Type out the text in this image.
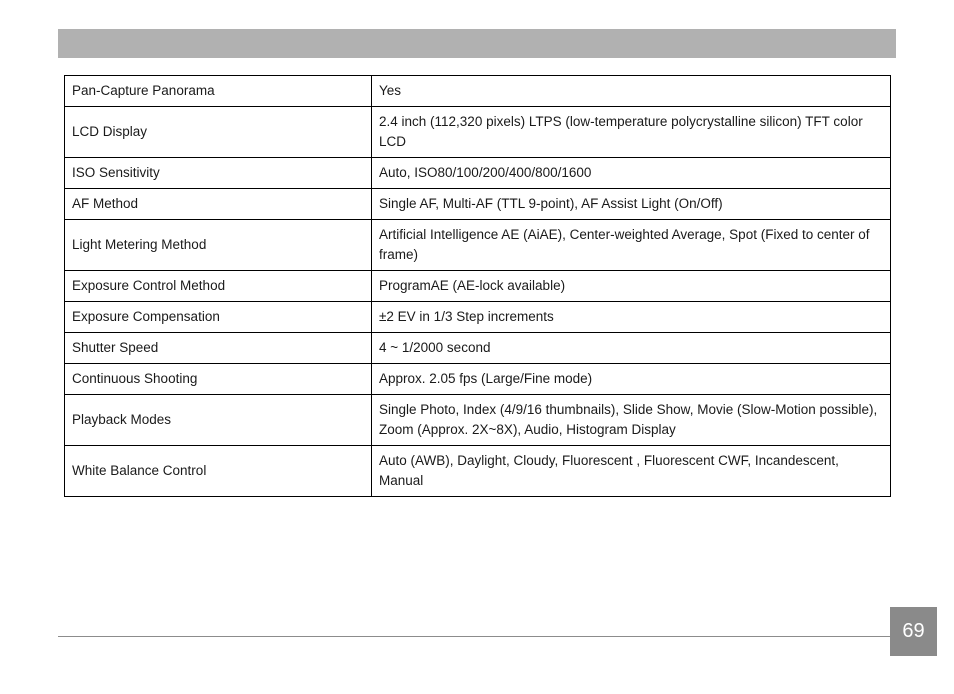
Pan-Capture Panorama	Yes
LCD Display	2.4 inch (112,320 pixels) LTPS (low-temperature polycrystalline silicon) TFT color LCD
ISO Sensitivity	Auto, ISO80/100/200/400/800/1600
AF Method	Single AF, Multi-AF (TTL 9-point), AF Assist Light (On/Off)
Light Metering Method	Artificial Intelligence AE (AiAE), Center-weighted Average, Spot (Fixed to center of frame)
Exposure Control Method	ProgramAE (AE-lock available)
Exposure Compensation	±2 EV in 1/3 Step increments
Shutter Speed	4 ~ 1/2000 second
Continuous Shooting	Approx. 2.05 fps (Large/Fine mode)
Playback Modes	Single Photo, Index (4/9/16 thumbnails), Slide Show, Movie (Slow-Motion possible), Zoom (Approx. 2X~8X), Audio, Histogram Display
White Balance Control	Auto (AWB), Daylight, Cloudy, Fluorescent , Fluorescent CWF, Incandescent, Manual
69
